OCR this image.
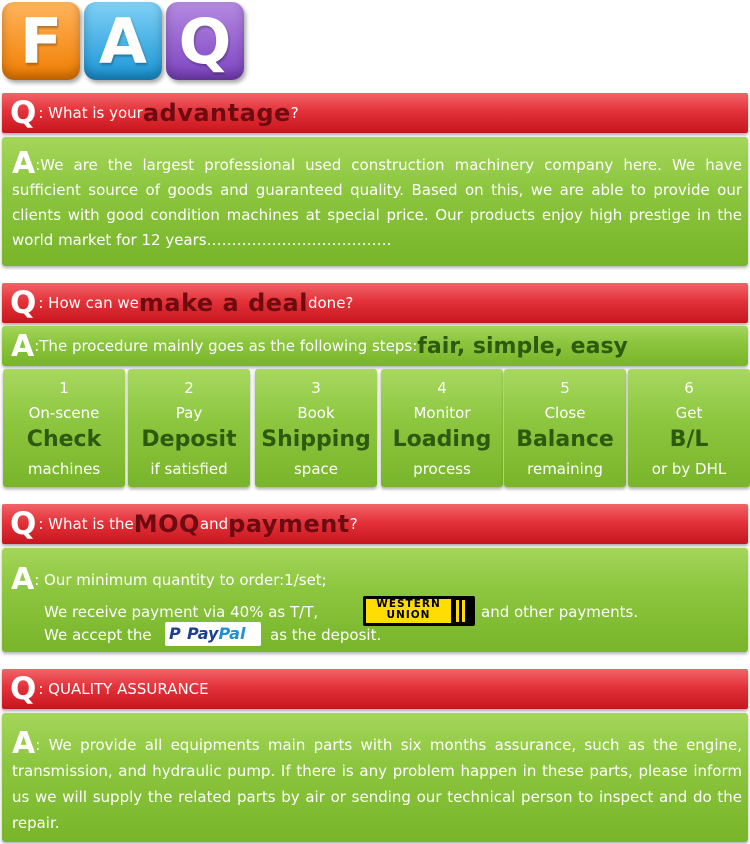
F A Q
Q : What is your advantage ?
A:We are the largest professional used construction machinery company here. We have sufficient source of goods and guaranteed quality. Based on this, we are able to provide our clients with good condition machines at special price. Our products enjoy high prestige in the world market for 12 years……………………………….
Q : How can we make a deal done?
A :The procedure mainly goes as the following steps: fair, simple, easy
1
On-scene
Check
machines
2
Pay
Deposit
if satisfied
3
Book
Shipping
space
4
Monitor
Loading
process
5
Close
Balance
remaining
6
Get
B/L
or by DHL
Q : What is the MOQ and payment ?
A: Our minimum quantity to order:1/set;
We receive payment via 40% as T/T,	WESTERN
UNION	and other payments.
We accept the P PayPal	as the deposit.
Q : QUALITY ASSURANCE
A: We provide all equipments main parts with six months assurance, such as the engine, transmission, and hydraulic pump. If there is any problem happen in these parts, please inform us we will supply the related parts by air or sending our technical person to inspect and do the repair.
